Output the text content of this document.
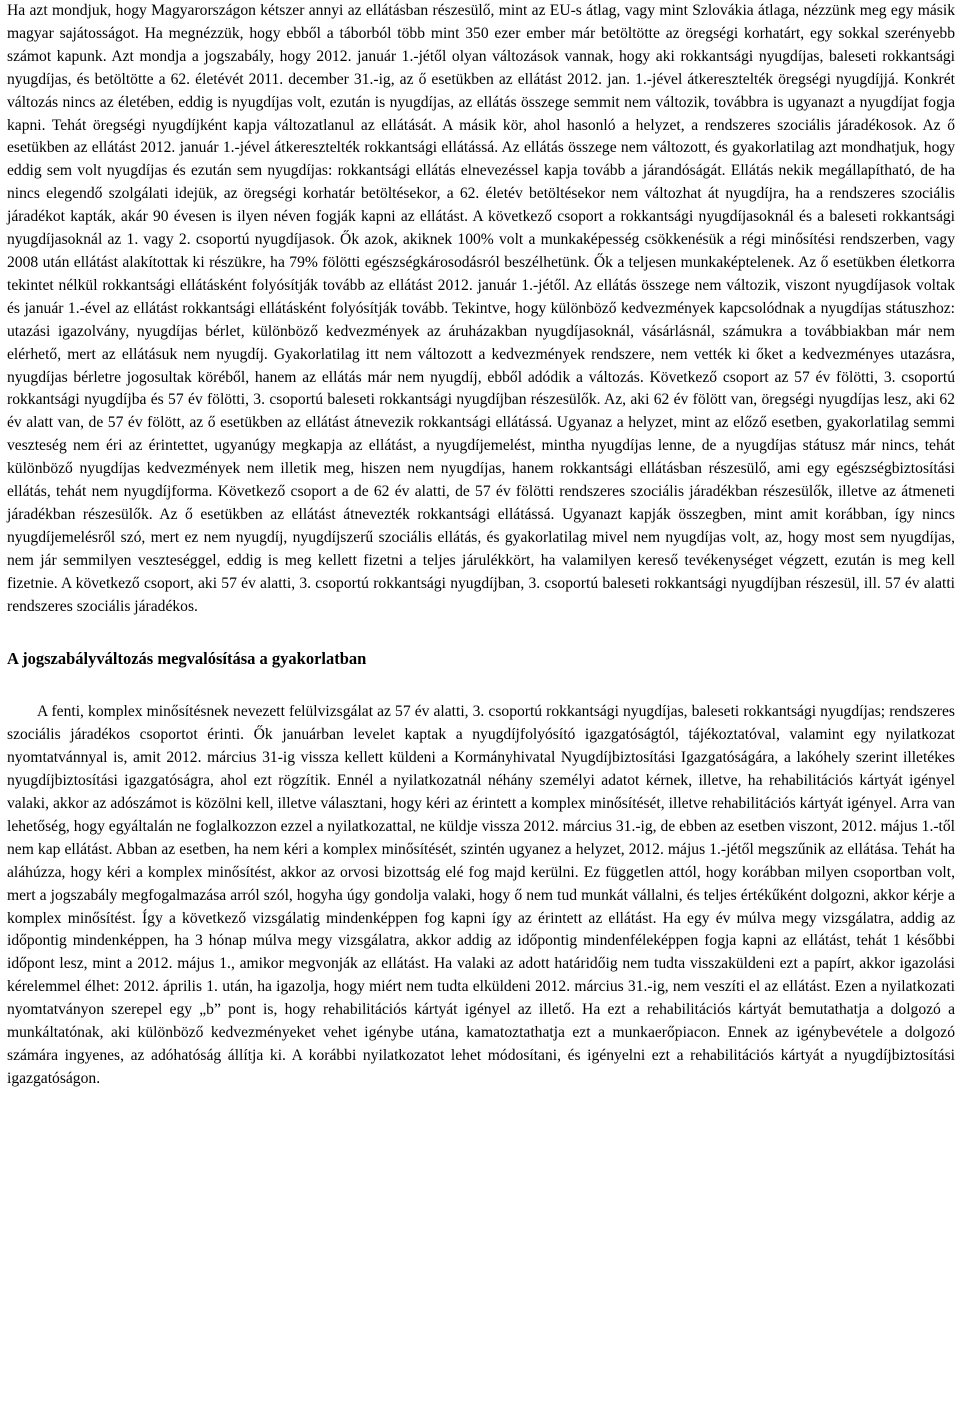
Ha azt mondjuk, hogy Magyarországon kétszer annyi az ellátásban részesülő, mint az EU-s átlag, vagy mint Szlovákia átlaga, nézzünk meg egy másik magyar sajátosságot. Ha megnézzük, hogy ebből a táborból több mint 350 ezer ember már betöltötte az öregségi korhatárt, egy sokkal szerényebb számot kapunk. Azt mondja a jogszabály, hogy 2012. január 1.-jétől olyan változások vannak, hogy aki rokkantsági nyugdíjas, baleseti rokkantsági nyugdíjas, és betöltötte a 62. életévét 2011. december 31.-ig, az ő esetükben az ellátást 2012. jan. 1.-jével átkeresztelték öregségi nyugdíjjá. Konkrét változás nincs az életében, eddig is nyugdíjas volt, ezután is nyugdíjas, az ellátás összege semmit nem változik, továbbra is ugyanazt a nyugdíjat fogja kapni. Tehát öregségi nyugdíjként kapja változatlanul az ellátását. A másik kör, ahol hasonló a helyzet, a rendszeres szociális járadékosok. Az ő esetükben az ellátást 2012. január 1.-jével átkeresztelték rokkantsági ellátássá. Az ellátás összege nem változott, és gyakorlatilag azt mondhatjuk, hogy eddig sem volt nyugdíjas és ezután sem nyugdíjas: rokkantsági ellátás elnevezéssel kapja tovább a járandóságát. Ellátás nekik megállapítható, de ha nincs elegendő szolgálati idejük, az öregségi korhatár betöltésekor, a 62. életév betöltésekor nem változhat át nyugdíjra, ha a rendszeres szociális járadékot kapták, akár 90 évesen is ilyen néven fogják kapni az ellátást. A következő csoport a rokkantsági nyugdíjasoknál és a baleseti rokkantsági nyugdíjasoknál az 1. vagy 2. csoportú nyugdíjasok. Ők azok, akiknek 100% volt a munkaképesség csökkenésük a régi minősítési rendszerben, vagy 2008 után ellátást alakítottak ki részükre, ha 79% fölötti egészségkárosodásról beszélhetünk. Ők a teljesen munkaképtelenek. Az ő esetükben életkorra tekintet nélkül rokkantsági ellátásként folyósítják tovább az ellátást 2012. január 1.-jétől. Az ellátás összege nem változik, viszont nyugdíjasok voltak és január 1.-ével az ellátást rokkantsági ellátásként folyósítják tovább. Tekintve, hogy különböző kedvezmények kapcsolódnak a nyugdíjas státuszhoz: utazási igazolvány, nyugdíjas bérlet, különböző kedvezmények az áruházakban nyugdíjasoknál, vásárlásnál, számukra a továbbiakban már nem elérhető, mert az ellátásuk nem nyugdíj. Gyakorlatilag itt nem változott a kedvezmények rendszere, nem vették ki őket a kedvezményes utazásra, nyugdíjas bérletre jogosultak köréből, hanem az ellátás már nem nyugdíj, ebből adódik a változás. Következő csoport az 57 év fölötti, 3. csoportú rokkantsági nyugdíjba és 57 év fölötti, 3. csoportú baleseti rokkantsági nyugdíjban részesülők. Az, aki 62 év fölött van, öregségi nyugdíjas lesz, aki 62 év alatt van, de 57 év fölött, az ő esetükben az ellátást átnevezik rokkantsági ellátássá. Ugyanaz a helyzet, mint az előző esetben, gyakorlatilag semmi veszteség nem éri az érintettet, ugyanúgy megkapja az ellátást, a nyugdíjemelést, mintha nyugdíjas lenne, de a nyugdíjas státusz már nincs, tehát különböző nyugdíjas kedvezmények nem illetik meg, hiszen nem nyugdíjas, hanem rokkantsági ellátásban részesülő, ami egy egészségbiztosítási ellátás, tehát nem nyugdíjforma. Következő csoport a de 62 év alatti, de 57 év fölötti rendszeres szociális járadékban részesülők, illetve az átmeneti járadékban részesülők. Az ő esetükben az ellátást átnevezték rokkantsági ellátássá. Ugyanazt kapják összegben, mint amit korábban, így nincs nyugdíjemelésről szó, mert ez nem nyugdíj, nyugdíjszerű szociális ellátás, és gyakorlatilag mivel nem nyugdíjas volt, az, hogy most sem nyugdíjas, nem jár semmilyen veszteséggel, eddig is meg kellett fizetni a teljes járulékkört, ha valamilyen kereső tevékenységet végzett, ezután is meg kell fizetnie. A következő csoport, aki 57 év alatti, 3. csoportú rokkantsági nyugdíjban, 3. csoportú baleseti rokkantsági nyugdíjban részesül, ill. 57 év alatti rendszeres szociális járadékos.

A jogszabályváltozás megvalósítása a gyakorlatban

A fenti, komplex minősítésnek nevezett felülvizsgálat az 57 év alatti, 3. csoportú rokkantsági nyugdíjas, baleseti rokkantsági nyugdíjas; rendszeres szociális járadékos csoportot érinti. Ők januárban levelet kaptak a nyugdíjfolyósító igazgatóságtól, tájékoztatóval, valamint egy nyilatkozat nyomtatvánnyal is, amit 2012. március 31-ig vissza kellett küldeni a Kormányhivatal Nyugdíjbiztosítási Igazgatóságára, a lakóhely szerint illetékes nyugdíjbiztosítási igazgatóságra, ahol ezt rögzítik. Ennél a nyilatkozatnál néhány személyi adatot kérnek, illetve, ha rehabilitációs kártyát igényel valaki, akkor az adószámot is közölni kell, illetve választani, hogy kéri az érintett a komplex minősítését, illetve rehabilitációs kártyát igényel. Arra van lehetőség, hogy egyáltalán ne foglalkozzon ezzel a nyilatkozattal, ne küldje vissza 2012. március 31.-ig, de ebben az esetben viszont, 2012. május 1.-től nem kap ellátást. Abban az esetben, ha nem kéri a komplex minősítését, szintén ugyanez a helyzet, 2012. május 1.-jétől megszűnik az ellátása. Tehát ha aláhúzza, hogy kéri a komplex minősítést, akkor az orvosi bizottság elé fog majd kerülni. Ez független attól, hogy korábban milyen csoportban volt, mert a jogszabály megfogalmazása arról szól, hogyha úgy gondolja valaki, hogy ő nem tud munkát vállalni, és teljes értékűként dolgozni, akkor kérje a komplex minősítést. Így a következő vizsgálatig mindenképpen fog kapni így az érintett az ellátást. Ha egy év múlva megy vizsgálatra, addig az időpontig mindenképpen, ha 3 hónap múlva megy vizsgálatra, akkor addig az időpontig mindenféleképpen fogja kapni az ellátást, tehát 1 későbbi időpont lesz, mint a 2012. május 1., amikor megvonják az ellátást. Ha valaki az adott határidőig nem tudta visszaküldeni ezt a papírt, akkor igazolási kérelemmel élhet: 2012. április 1. után, ha igazolja, hogy miért nem tudta elküldeni 2012. március 31.-ig, nem veszíti el az ellátást. Ezen a nyilatkozati nyomtatványon szerepel egy „b” pont is, hogy rehabilitációs kártyát igényel az illető. Ha ezt a rehabilitációs kártyát bemutathatja a dolgozó a munkáltatónak, aki különböző kedvezményeket vehet igénybe utána, kamatoztathatja ezt a munkaerőpiacon. Ennek az igénybevétele a dolgozó számára ingyenes, az adóhatóság állítja ki. A korábbi nyilatkozatot lehet módosítani, és igényelni ezt a rehabilitációs kártyát a nyugdíjbiztosítási igazgatóságon.
